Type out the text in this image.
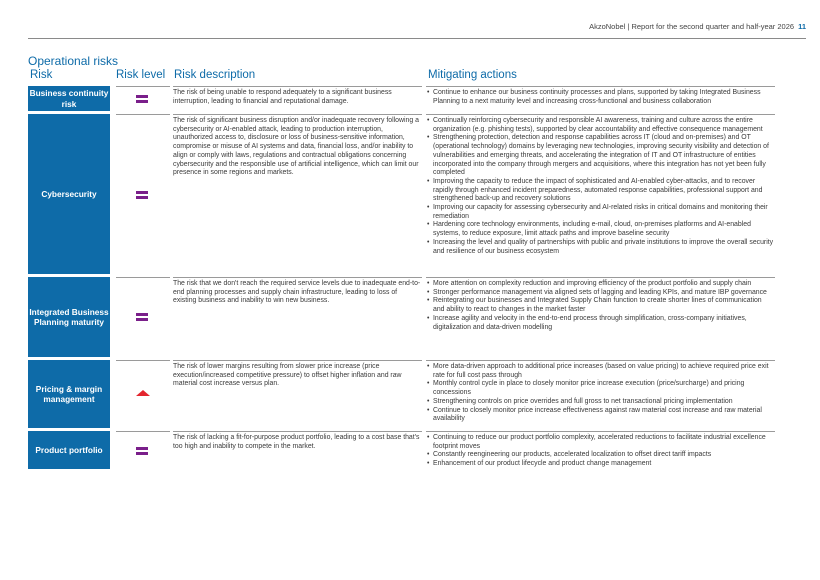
AkzoNobel | Report for the second quarter and half-year 2026 11
Operational risks
Risk	Risk level Risk description	Mitigating actions
Business continuity risk
The risk of being unable to respond adequately to a significant business interruption, leading to financial and reputational damage.
• Continue to enhance our business continuity processes and plans, supported by taking Integrated Business Planning to a next maturity level and increasing cross-functional and business collaboration
Cybersecurity
The risk of significant business disruption and/or inadequate recovery following a cybersecurity or AI-enabled attack, leading to production interruption, unauthorized access to, disclosure or loss of business-sensitive information, compromise or misuse of AI systems and data, financial loss, and/or inability to align or comply with laws, regulations and contractual obligations concerning cybersecurity and the responsible use of artificial intelligence, which can limit our presence in some regions and markets.
• Continually reinforcing cybersecurity and responsible AI awareness, training and culture across the entire organization (e.g. phishing tests), supported by clear accountability and effective consequence management
• Strengthening protection, detection and response capabilities across IT (cloud and on-premises) and OT (operational technology) domains by leveraging new technologies, improving security visibility and detection of vulnerabilities and emerging threats, and accelerating the integration of IT and OT infrastructure of entities incorporated into the company through mergers and acquisitions, where this integration has not yet been fully completed
• Improving the capacity to reduce the impact of sophisticated and AI-enabled cyber-attacks, and to recover rapidly through enhanced incident preparedness, automated response capabilities, professional support and strengthened back-up and recovery solutions
• Improving our capacity for assessing cybersecurity and AI-related risks in critical domains and monitoring their remediation
• Hardening core technology environments, including e-mail, cloud, on-premises platforms and AI-enabled systems, to reduce exposure, limit attack paths and improve baseline security
• Increasing the level and quality of partnerships with public and private institutions to improve the overall security and resilience of our business ecosystem
Integrated Business Planning maturity
The risk that we don't reach the required service levels due to inadequate end-to-end planning processes and supply chain infrastructure, leading to loss of existing business and inability to win new business.
• More attention on complexity reduction and improving efficiency of the product portfolio and supply chain
• Stronger performance management via aligned sets of lagging and leading KPIs, and mature IBP governance
• Reintegrating our businesses and Integrated Supply Chain function to create shorter lines of communication and ability to react to changes in the market faster
• Increase agility and velocity in the end-to-end process through simplification, cross-company initiatives, digitalization and data-driven modelling
Pricing & margin management
The risk of lower margins resulting from slower price increase (price execution/increased competitive pressure) to offset higher inflation and raw material cost increase versus plan.
• More data-driven approach to additional price increases (based on value pricing) to achieve required price exit rate for full cost pass through
• Monthly control cycle in place to closely monitor price increase execution (price/surcharge) and pricing concessions
• Strengthening controls on price overrides and full gross to net transactional pricing implementation
• Continue to closely monitor price increase effectiveness against raw material cost increase and raw material availability
Product portfolio
The risk of lacking a fit-for-purpose product portfolio, leading to a cost base that's too high and inability to compete in the market.
• Continuing to reduce our product portfolio complexity, accelerated reductions to facilitate industrial excellence footprint moves
• Constantly reengineering our products, accelerated localization to offset direct tariff impacts
• Enhancement of our product lifecycle and product change management
